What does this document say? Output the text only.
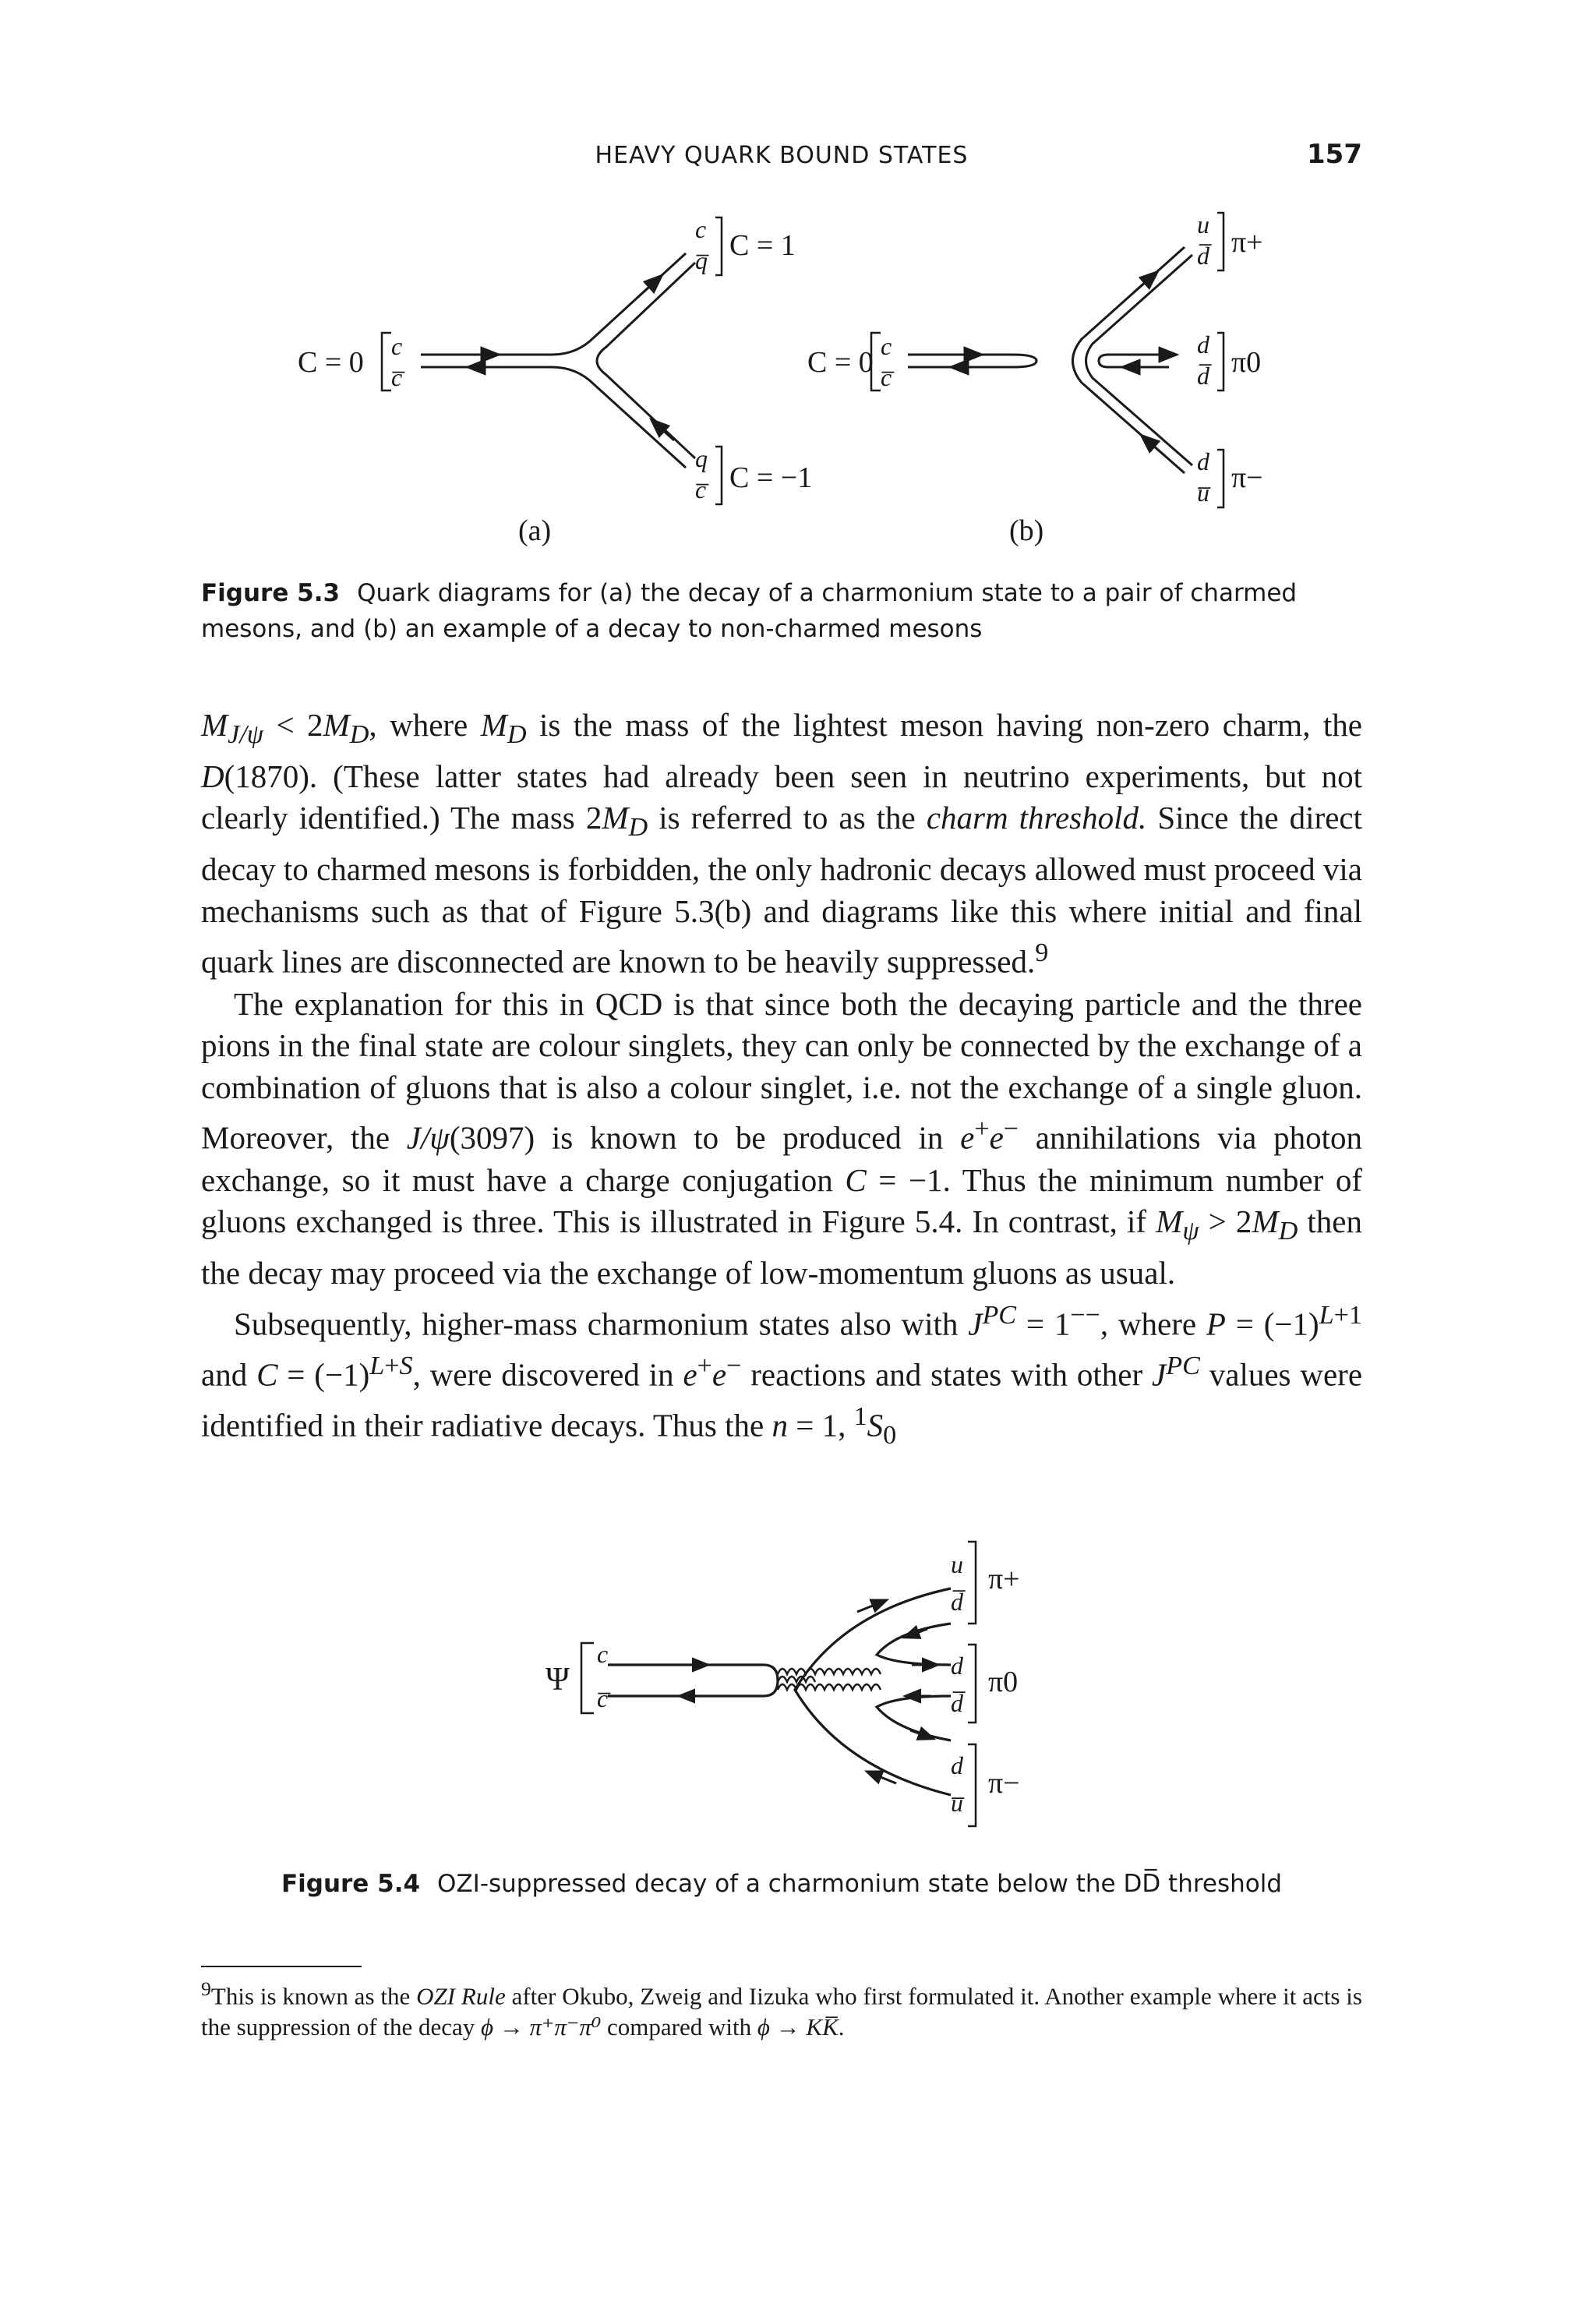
HEAVY QUARK BOUND STATES	157
C = 0 c
c̅
c
q̅ C = 1
q
c̅ C = −1
(a)
C = 0 c
c̅
u
d̅ π+
d
d̅ π0
d
u̅ π−
(b)
Figure 5.3 Quark diagrams for (a) the decay of a charmonium state to a pair of charmed mesons, and (b) an example of a decay to non-charmed mesons

$M_{J/\psi} < 2M_D$, where $M_D$ is the mass of the lightest meson having non-zero charm, the D(1870). (These latter states had already been seen in neutrino experiments, but not clearly identified.) The mass $2M_D$ is referred to as the charm threshold. Since the direct decay to charmed mesons is forbidden, the only hadronic decays allowed must proceed via mechanisms such as that of Figure 5.3(b) and diagrams like this where initial and final quark lines are disconnected are known to be heavily suppressed.$^9$

The explanation for this in QCD is that since both the decaying particle and the three pions in the final state are colour singlets, they can only be connected by the exchange of a combination of gluons that is also a colour singlet, i.e. not the exchange of a single gluon. Moreover, the J/ψ(3097) is known to be produced in e+e− annihilations via photon exchange, so it must have a charge conjugation C = −1. Thus the minimum number of gluons exchanged is three. This is illustrated in Figure 5.4. In contrast, if $M_\psi > 2M_D$ then the decay may proceed via the exchange of low-momentum gluons as usual.

Subsequently, higher-mass charmonium states also with $J^{PC} = 1^{--}$, where $P = (-1)^{L+1}$ and $C = (-1)^{L+S}$, were discovered in e+e− reactions and states with other $J^{PC}$ values were identified in their radiative decays. Thus the n = 1, $^1S_0$

Ψ
c
c̅
u
d̅
π+
d
d̅
π0
d
u̅
π−
Figure 5.4 OZI-suppressed decay of a charmonium state below the DD̅ threshold
$^9$This is known as the OZI Rule after Okubo, Zweig and Iizuka who first formulated it. Another example where it acts is the suppression of the decay ϕ → π⁺π⁻π⁰ compared with ϕ → KK̅.
